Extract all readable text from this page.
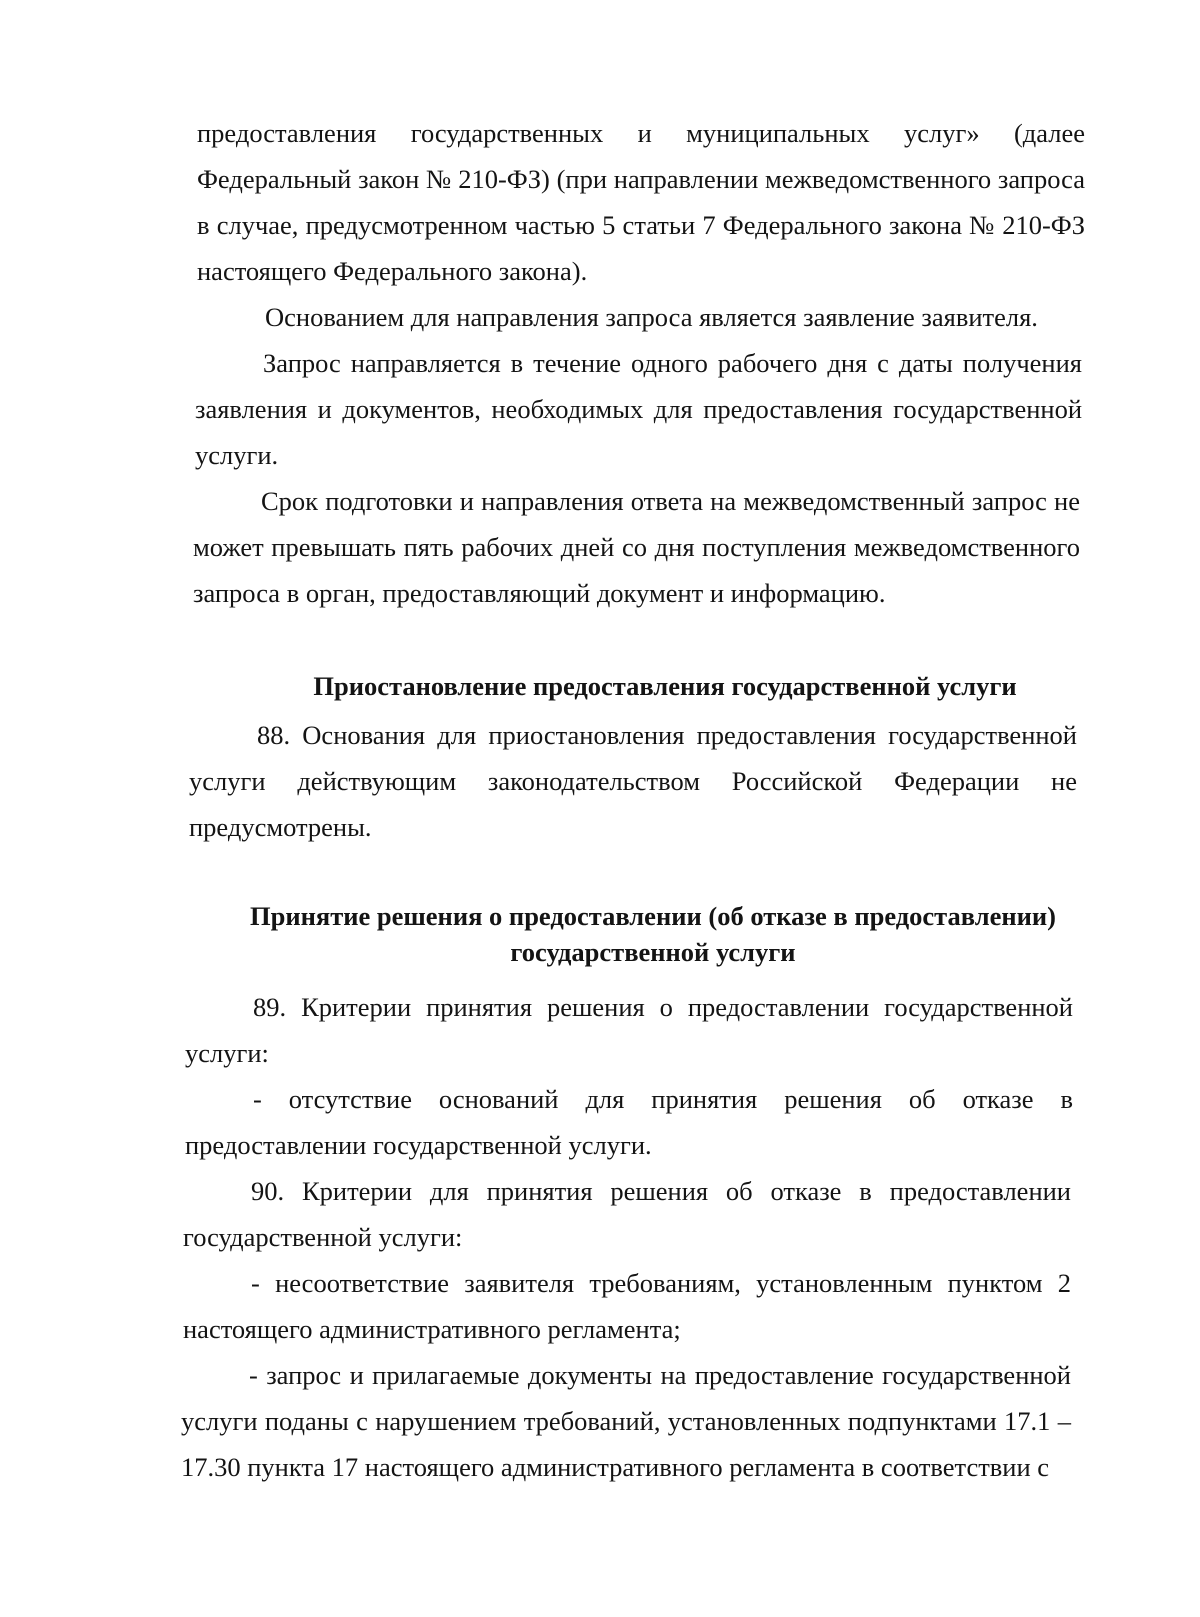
предоставления государственных и муниципальных услуг» (далее Федеральный закон № 210-ФЗ) (при направлении межведомственного запроса в случае, предусмотренном частью 5 статьи 7 Федерального закона № 210-ФЗ настоящего Федерального закона).

Основанием для направления запроса является заявление заявителя.

Запрос направляется в течение одного рабочего дня с даты получения заявления и документов, необходимых для предоставления государственной услуги.

Срок подготовки и направления ответа на межведомственный запрос не может превышать пять рабочих дней со дня поступления межведомственного запроса в орган, предоставляющий документ и информацию.

Приостановление предоставления государственной услуги

88. Основания для приостановления предоставления государственной услуги действующим законодательством Российской Федерации не предусмотрены.

Принятие решения о предоставлении (об отказе в предоставлении) государственной услуги

89. Критерии принятия решения о предоставлении государственной услуги:

- отсутствие оснований для принятия решения об отказе в предоставлении государственной услуги.

90. Критерии для принятия решения об отказе в предоставлении государственной услуги:

- несоответствие заявителя требованиям, установленным пунктом 2 настоящего административного регламента;

- запрос и прилагаемые документы на предоставление государственной услуги поданы с нарушением требований, установленных подпунктами 17.1 – 17.30 пункта 17 настоящего административного регламента в соответствии с
